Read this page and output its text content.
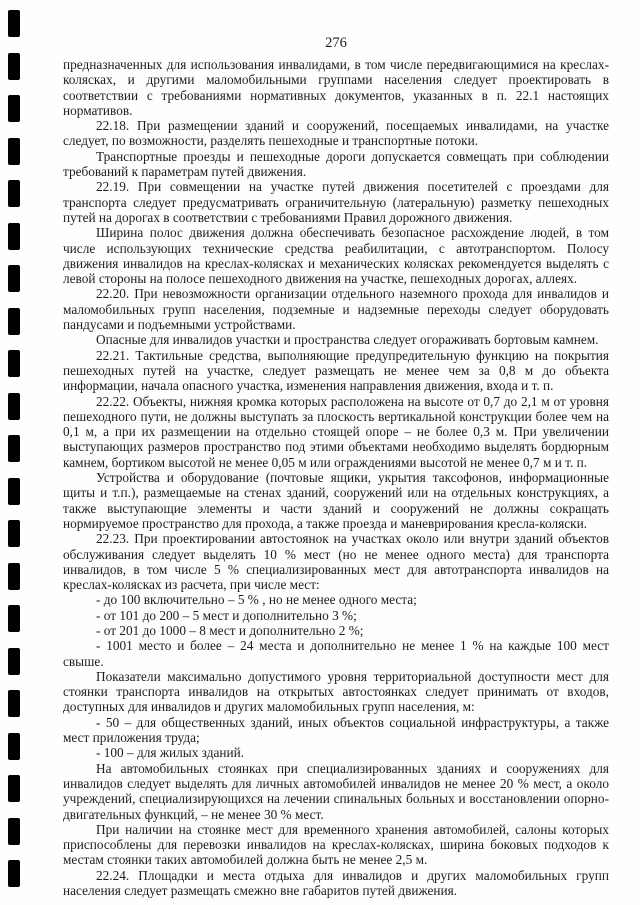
276

предназначенных для использования инвалидами, в том числе передвигающимися на креслах-колясках, и другими маломобильными группами населения следует проектировать в соответствии с требованиями нормативных документов, указанных в п. 22.1 настоящих нормативов.

22.18. При размещении зданий и сооружений, посещаемых инвалидами, на участке следует, по возможности, разделять пешеходные и транспортные потоки.

Транспортные проезды и пешеходные дороги допускается совмещать при соблюдении требований к параметрам путей движения.

22.19. При совмещении на участке путей движения посетителей с проездами для транспорта следует предусматривать ограничительную (латеральную) разметку пешеходных путей на дорогах в соответствии с требованиями Правил дорожного движения.

Ширина полос движения должна обеспечивать безопасное расхождение людей, в том числе использующих технические средства реабилитации, с автотранспортом. Полосу движения инвалидов на креслах-колясках и механических колясках рекомендуется выделять с левой стороны на полосе пешеходного движения на участке, пешеходных дорогах, аллеях.

22.20. При невозможности организации отдельного наземного прохода для инвалидов и маломобильных групп населения, подземные и надземные переходы следует оборудовать пандусами и подъемными устройствами.

Опасные для инвалидов участки и пространства следует огораживать бортовым камнем.

22.21. Тактильные средства, выполняющие предупредительную функцию на покрытия пешеходных путей на участке, следует размещать не менее чем за 0,8 м до объекта информации, начала опасного участка, изменения направления движения, входа и т. п.

22.22. Объекты, нижняя кромка которых расположена на высоте от 0,7 до 2,1 м от уровня пешеходного пути, не должны выступать за плоскость вертикальной конструкции более чем на 0,1 м, а при их размещении на отдельно стоящей опоре – не более 0,3 м. При увеличении выступающих размеров пространство под этими объектами необходимо выделять бордюрным камнем, бортиком высотой не менее 0,05 м или ограждениями высотой не менее 0,7 м и т. п.

Устройства и оборудование (почтовые ящики, укрытия таксофонов, информационные щиты и т.п.), размещаемые на стенах зданий, сооружений или на отдельных конструкциях, а также выступающие элементы и части зданий и сооружений не должны сокращать нормируемое пространство для прохода, а также проезда и маневрирования кресла-коляски.

22.23. При проектировании автостоянок на участках около или внутри зданий объектов обслуживания следует выделять 10 % мест (но не менее одного места) для транспорта инвалидов, в том числе 5 % специализированных мест для автотранспорта инвалидов на креслах-колясках из расчета, при числе мест:

- до 100 включительно – 5 % , но не менее одного места;

- от 101 до 200 – 5 мест и дополнительно 3 %;

- от 201 до 1000 – 8 мест и дополнительно 2 %;

- 1001 место и более – 24 места и дополнительно не менее 1 % на каждые 100 мест свыше.

Показатели максимально допустимого уровня территориальной доступности мест для стоянки транспорта инвалидов на открытых автостоянках следует принимать от входов, доступных для инвалидов и других маломобильных групп населения, м:

- 50 – для общественных зданий, иных объектов социальной инфраструктуры, а также мест приложения труда;

- 100 – для жилых зданий.

На автомобильных стоянках при специализированных зданиях и сооружениях для инвалидов следует выделять для личных автомобилей инвалидов не менее 20 % мест, а около учреждений, специализирующихся на лечении спинальных больных и восстановлении опорно-двигательных функций, – не менее 30 % мест.

При наличии на стоянке мест для временного хранения автомобилей, салоны которых приспособлены для перевозки инвалидов на креслах-колясках, ширина боковых подходов к местам стоянки таких автомобилей должна быть не менее 2,5 м.

22.24. Площадки и места отдыха для инвалидов и других маломобильных групп населения следует размещать смежно вне габаритов путей движения.
